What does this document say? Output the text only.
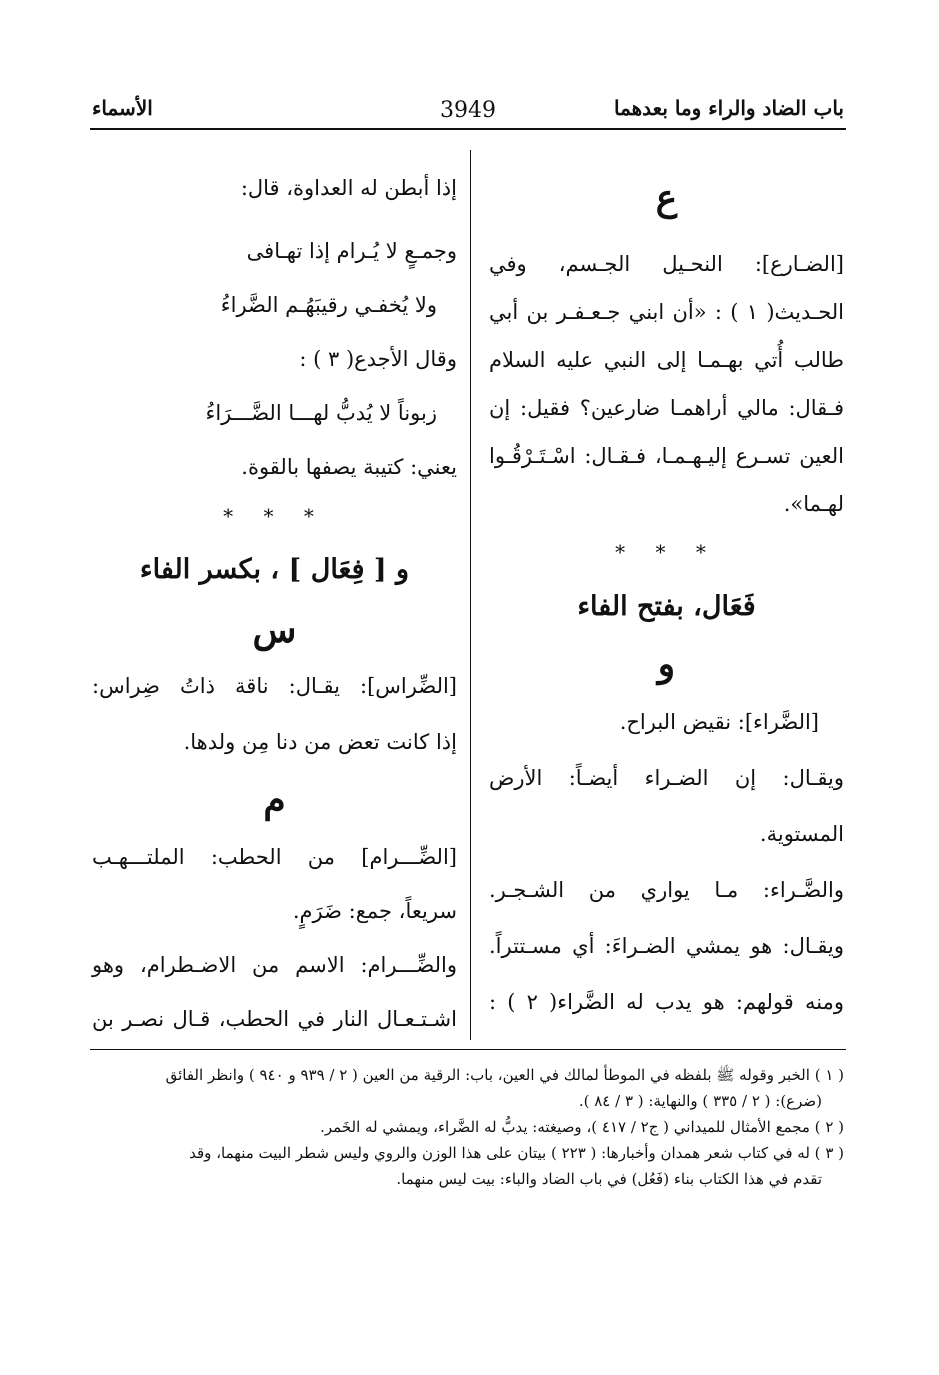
باب الضاد والراء وما بعدهما
3949
الأسماء
ع

[الضـارع]: النحـيل الجـسم، وفي

الحـديث( ١ ) : «أن ابني جـعـفـر بن أبي

طالب أُتي بهـمـا إلى النبي عليه السلام

فـقال: مالي أراهمـا ضارعين؟ فقيل: إن

العين تسـرع إليـهـمـا، فـقـال: اسْـتَـرْقُـوا

لهـما».

* * *
فَعَال، بفتح الفاء
و

[الضَّراء]: نقيض البراح.

ويقـال: إن الضـراء أيضـاً: الأرض

المستوية.

والضَّـراء: مـا يواري من الشـجـر.

ويقـال: هو يمشي الضـراءَ: أي مسـتتراً.

ومنه قولهم: هو يدب له الضَّراء( ٢ ) :

إذا أبطن له العداوة، قال:

وجمـعٍ لا يُـرام إذا تهـافى

ولا يُخفـي رقيبَهُـم الضَّراءُ

وقال الأجدع( ٣ ) :

زبوناً لا يُدبُّ لهـــا الضَّـــرَاءُ

يعني: كتيبة يصفها بالقوة.

* * *
و [ فِعَال ] ، بكسر الفاء
س

[الضِّراس]: يقـال: ناقة ذاتُ ضِراس:

إذا كانت تعض من دنا مِن ولدها.

م

[الضِّـــرام] من الحطب: الملتـــهـب

سريعاً، جمع: ضَرَمٍ.

والضِّـــرام: الاسم من الاضـطرام، وهو

اشـتـعـال النار في الحطب، قـال نصـر بن

( ١ ) الخبر وقوله ﷺ بلفظه في الموطأ لمالك في العين، باب: الرقية من العين ( ٢ / ٩٣٩ و ٩٤٠ ) وانظر الفائق

(ضرع): ( ٢ / ٣٣٥ ) والنهاية: ( ٣ / ٨٤ ).

( ٢ ) مجمع الأمثال للميداني ( ج٢ / ٤١٧ )، وصيغته: يدبُّ له الضَّراء، ويمشي له الخَمر.

( ٣ ) له في كتاب شعر همدان وأخبارها: ( ٢٢٣ ) بيتان على هذا الوزن والروي وليس شطر البيت منهما، وقد

تقدم في هذا الكتاب بناء (فَعُل) في باب الضاد والباء: بيت ليس منهما.
